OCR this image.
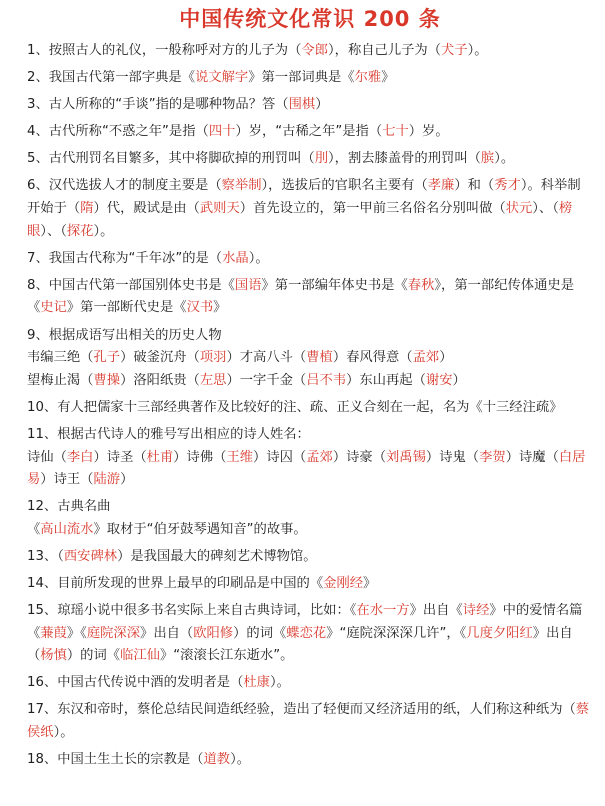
中国传统文化常识 200 条

1、按照古人的礼仪，一般称呼对方的儿子为（令郎），称自己儿子为（犬子）。

2、我国古代第一部字典是《说文解字》第一部词典是《尔雅》

3、古人所称的“手谈”指的是哪种物品？答（围棋）

4、古代所称“不惑之年”是指（四十）岁，“古稀之年”是指（七十）岁。

5、古代刑罚名目繁多，其中将脚砍掉的刑罚叫（刖），割去膝盖骨的刑罚叫（膑）。

6、汉代选拔人才的制度主要是（察举制），选拔后的官职名主要有（孝廉）和（秀才）。科举制开始于（隋）代，殿试是由（武则天）首先设立的，第一甲前三名俗名分别叫做（状元）、（榜眼）、（探花）。

7、我国古代称为“千年冰”的是（水晶）。

8、中国古代第一部国别体史书是《国语》第一部编年体史书是《春秋》，第一部纪传体通史是《史记》第一部断代史是《汉书》

9、根据成语写出相关的历史人物

韦编三绝（孔子）破釜沉舟（项羽）才高八斗（曹植）春风得意（孟郊）

望梅止渴（曹操）洛阳纸贵（左思）一字千金（吕不韦）东山再起（谢安）

10、有人把儒家十三部经典著作及比较好的注、疏、正义合刻在一起，名为《十三经注疏》

11、根据古代诗人的雅号写出相应的诗人姓名：

诗仙（李白）诗圣（杜甫）诗佛（王维）诗囚（孟郊）诗豪（刘禹锡）诗鬼（李贺）诗魔（白居易）诗王（陆游）

12、古典名曲

《高山流水》取材于“伯牙鼓琴遇知音”的故事。

13、（西安碑林）是我国最大的碑刻艺术博物馆。

14、目前所发现的世界上最早的印刷品是中国的《金刚经》

15、琼瑶小说中很多书名实际上来自古典诗词，比如：《在水一方》出自《诗经》中的爱情名篇《蒹葭》《庭院深深》出自（欧阳修）的词《蝶恋花》“庭院深深深几许”，《几度夕阳红》出自（杨慎）的词《临江仙》“滚滚长江东逝水”。

16、中国古代传说中酒的发明者是（杜康）。

17、东汉和帝时，蔡伦总结民间造纸经验，造出了轻便而又经济适用的纸，人们称这种纸为（蔡侯纸）。

18、中国土生土长的宗教是（道教）。
